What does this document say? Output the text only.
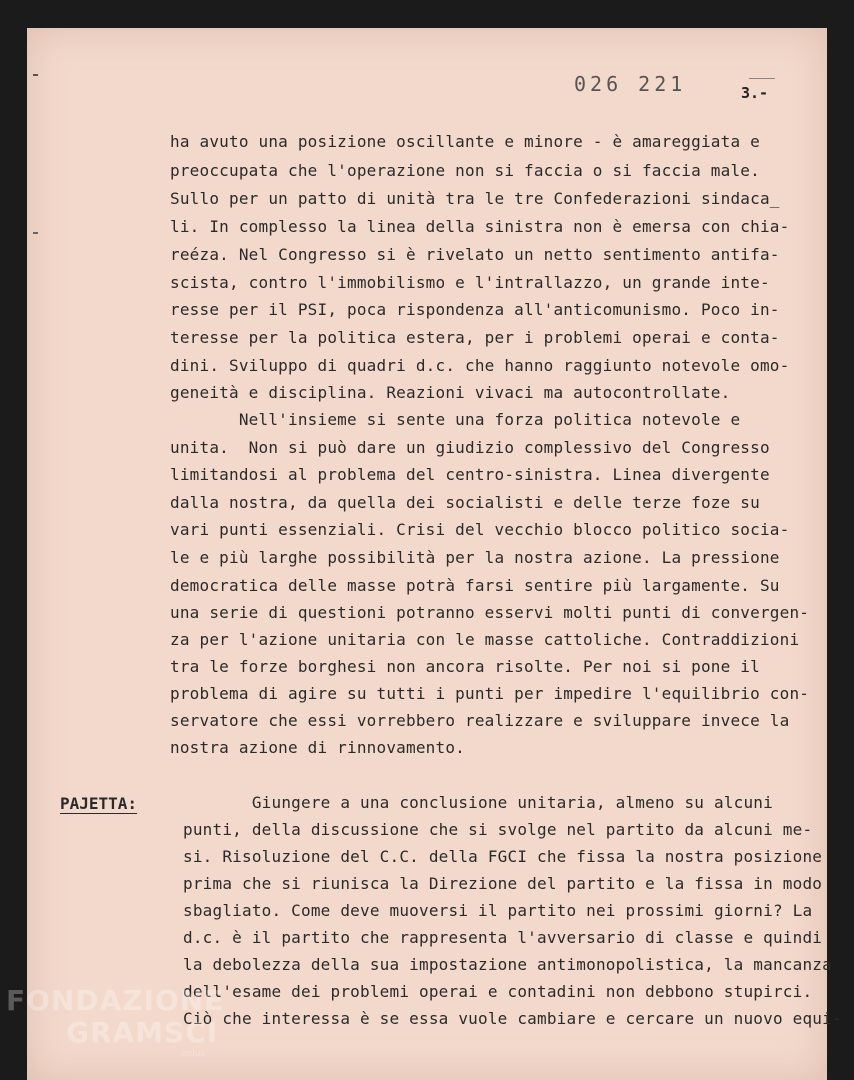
026 221	3.-
ha avuto una posizione oscillante e minore - è amareggiata e
preoccupata che l'operazione non si faccia o si faccia male.
Sullo per un patto di unità tra le tre Confederazioni sindaca_
li. In complesso la linea della sinistra non è emersa con chia-
reéza. Nel Congresso si è rivelato un netto sentimento antifa-
scista, contro l'immobilismo e l'intrallazzo, un grande inte-
resse per il PSI, poca rispondenza all'anticomunismo. Poco in-
teresse per la politica estera, per i problemi operai e conta-
dini. Sviluppo di quadri d.c. che hanno raggiunto notevole omo-
geneità e disciplina. Reazioni vivaci ma autocontrollate.
Nell'insieme si sente una forza politica notevole e
unita.  Non si può dare un giudizio complessivo del Congresso
limitandosi al problema del centro-sinistra. Linea divergente
dalla nostra, da quella dei socialisti e delle terze foze su
vari punti essenziali. Crisi del vecchio blocco politico socia-
le e più larghe possibilità per la nostra azione. La pressione
democratica delle masse potrà farsi sentire più largamente. Su
una serie di questioni potranno esservi molti punti di convergen-
za per l'azione unitaria con le masse cattoliche. Contraddizioni
tra le forze borghesi non ancora risolte. Per noi si pone il
problema di agire su tutti i punti per impedire l'equilibrio con-
servatore che essi vorrebbero realizzare e sviluppare invece la
nostra azione di rinnovamento.
PAJETTA:	Giungere a una conclusione unitaria, almeno su alcuni
punti, della discussione che si svolge nel partito da alcuni me-
si. Risoluzione del C.C. della FGCI che fissa la nostra posizione
prima che si riunisca la Direzione del partito e la fissa in modo
sbagliato. Come deve muoversi il partito nei prossimi giorni? La
d.c. è il partito che rappresenta l'avversario di classe e quindi
la debolezza della sua impostazione antimonopolistica, la mancanza
dell'esame dei problemi operai e contadini non debbono stupirci.
Ciò che interessa è se essa vuole cambiare e cercare un nuovo equi-
FONDAZIONE
GRAMSCI
onlus
